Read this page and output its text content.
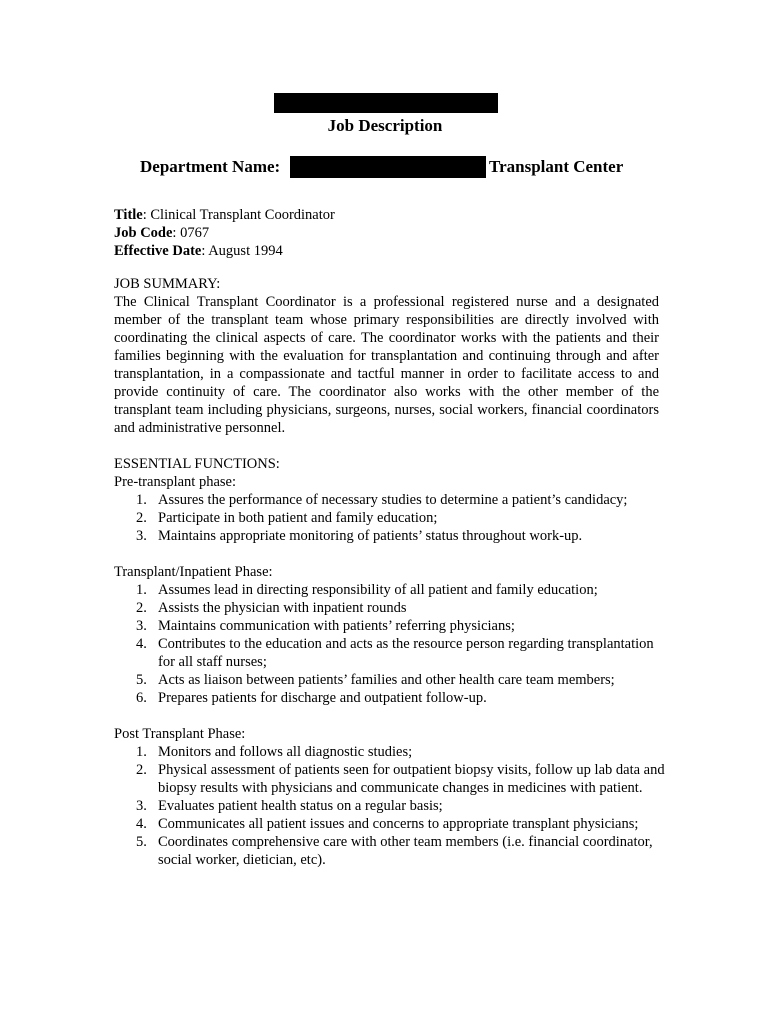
Job Description
Department Name:	Transplant Center
Title: Clinical Transplant Coordinator
Job Code: 0767
Effective Date: August 1994

JOB SUMMARY:

The Clinical Transplant Coordinator is a professional registered nurse and a designated member of the transplant team whose primary responsibilities are directly involved with coordinating the clinical aspects of care. The coordinator works with the patients and their families beginning with the evaluation for transplantation and continuing through and after transplantation, in a compassionate and tactful manner in order to facilitate access to and provide continuity of care. The coordinator also works with the other member of the transplant team including physicians, surgeons, nurses, social workers, financial coordinators and administrative personnel.

ESSENTIAL FUNCTIONS:

Pre-transplant phase:

1. Assures the performance of necessary studies to determine a patient’s candidacy;
2. Participate in both patient and family education;
3. Maintains appropriate monitoring of patients’ status throughout work-up.

Transplant/Inpatient Phase:

1. Assumes lead in directing responsibility of all patient and family education;
2. Assists the physician with inpatient rounds
3. Maintains communication with patients’ referring physicians;
4. Contributes to the education and acts as the resource person regarding transplantation for all staff nurses;
5. Acts as liaison between patients’ families and other health care team members;
6. Prepares patients for discharge and outpatient follow-up.

Post Transplant Phase:

1. Monitors and follows all diagnostic studies;
2. Physical assessment of patients seen for outpatient biopsy visits, follow up lab data and biopsy results with physicians and communicate changes in medicines with patient.
3. Evaluates patient health status on a regular basis;
4. Communicates all patient issues and concerns to appropriate transplant physicians;
5. Coordinates comprehensive care with other team members (i.e. financial coordinator, social worker, dietician, etc).
